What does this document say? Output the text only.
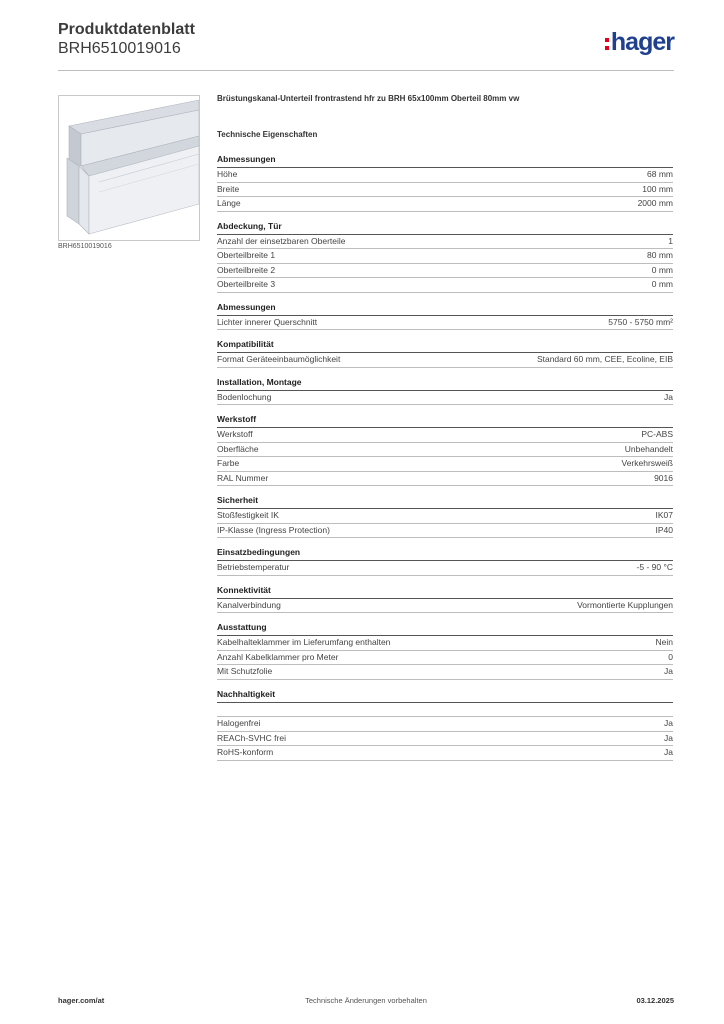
Produktdatenblatt
BRH6510019016	hager
BRH6510019016
Brüstungskanal-Unterteil frontrastend hfr zu BRH 65x100mm Oberteil 80mm vw
Technische Eigenschaften
Abmessungen
Höhe	68 mm
Breite	100 mm
Länge	2000 mm
Abdeckung, Tür
Anzahl der einsetzbaren Oberteile	1
Oberteilbreite 1	80 mm
Oberteilbreite 2	0 mm
Oberteilbreite 3	0 mm
Abmessungen
Lichter innerer Querschnitt	5750 - 5750 mm²
Kompatibilität
Format Geräteeinbaumöglichkeit	Standard 60 mm, CEE, Ecoline, EIB
Installation, Montage
Bodenlochung	Ja
Werkstoff
Werkstoff	PC-ABS
Oberfläche	Unbehandelt
Farbe	Verkehrsweiß
RAL Nummer	9016
Sicherheit
Stoßfestigkeit IK	IK07
IP-Klasse (Ingress Protection)	IP40
Einsatzbedingungen
Betriebstemperatur	-5 - 90 °C
Konnektivität
Kanalverbindung	Vormontierte Kupplungen
Ausstattung
Kabelhalteklammer im Lieferumfang enthalten	Nein
Anzahl Kabelklammer pro Meter	0
Mit Schutzfolie	Ja
Nachhaltigkeit
Halogenfrei	Ja
REACh-SVHC frei	Ja
RoHS-konform	Ja
hager.com/at	Technische Änderungen vorbehalten	03.12.2025
